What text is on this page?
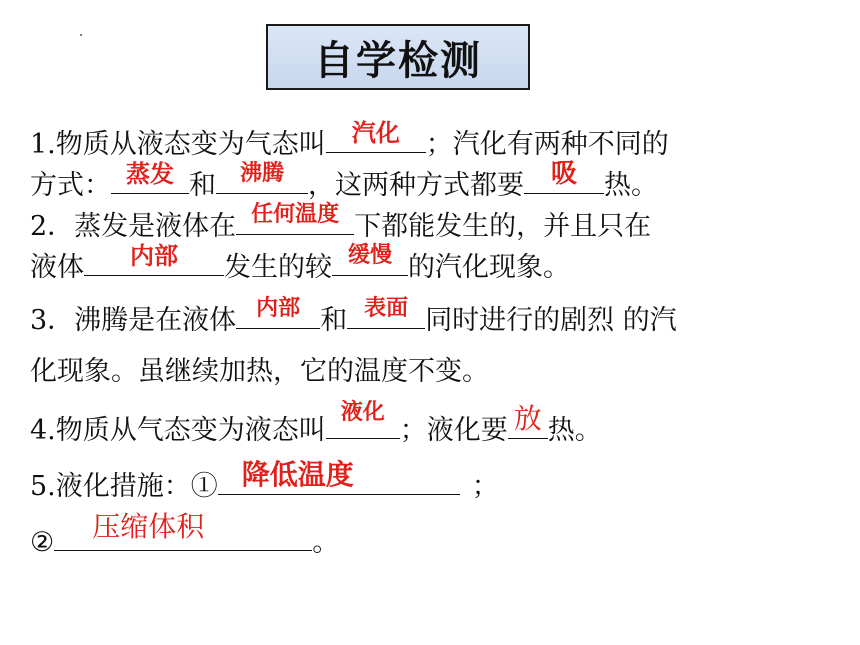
自学检测
1.物质从液态变为气态叫	汽化 ；汽化有两种不同的
方式： 蒸发 和	沸腾 ，这两种方式都要	吸	热。
2．蒸发是液体在 任何温度 下都能发生的，并且只在
液体	内部	发生的较 缓慢 的汽化现象。
3．沸腾是在液体 内部 和 表面 同时进行的剧烈 的汽
化现象。虽继续加热，它的温度不变。
4.物质从气态变为液态叫
液化
；液化要 放 热。
5.液化措施：① 降低温度	；
② 压缩体积	。
